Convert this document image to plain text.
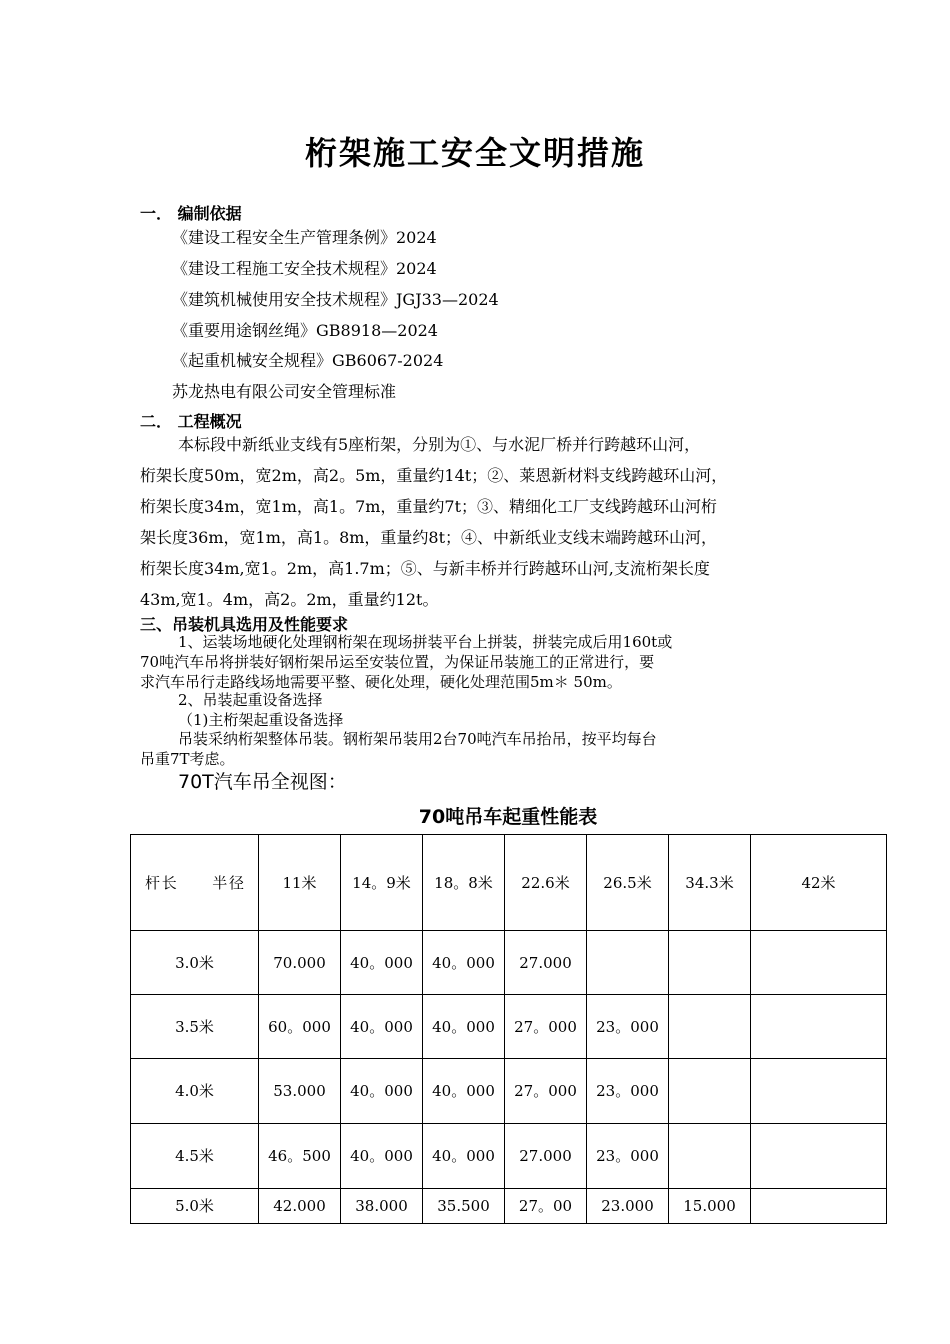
桁架施工安全文明措施
一． 编制依据
《建设工程安全生产管理条例》2024
《建设工程施工安全技术规程》2024
《建筑机械使用安全技术规程》JGJ33—2024
《重要用途钢丝绳》GB8918—2024
《起重机械安全规程》GB6067-2024
苏龙热电有限公司安全管理标准
二． 工程概况
本标段中新纸业支线有5座桁架，分别为①、与水泥厂桥并行跨越环山河，
桁架长度50m，宽2m，高2。5m，重量约14t；②、莱恩新材料支线跨越环山河，
桁架长度34m，宽1m，高1。7m，重量约7t；③、精细化工厂支线跨越环山河桁
架长度36m，宽1m，高1。8m，重量约8t；④、中新纸业支线末端跨越环山河，
桁架长度34m,宽1。2m，高1.7m；⑤、与新丰桥并行跨越环山河,支流桁架长度
43m,宽1。4m，高2。2m，重量约12t。
三、吊装机具选用及性能要求
1、运装场地硬化处理钢桁架在现场拼装平台上拼装，拼装完成后用160t或
70吨汽车吊将拼装好钢桁架吊运至安装位置，为保证吊装施工的正常进行，要
求汽车吊行走路线场地需要平整、硬化处理，硬化处理范围5m＊ 50m。
2、吊装起重设备选择
（1)主桁架起重设备选择
吊装采纳桁架整体吊装。钢桁架吊装用2台70吨汽车吊抬吊，按平均每台
吊重7T考虑。
70T汽车吊全视图：
70吨吊车起重性能表
杆长　　半径	11米	14。9米	18。8米	22.6米	26.5米	34.3米	42米
3.0米	70.000	40。000	40。000	27.000			
3.5米	60。000	40。000	40。000	27。000	23。000		
4.0米	53.000	40。000	40。000	27。000	23。000		
4.5米	46。500	40。000	40。000	27.000	23。000		
5.0米	42.000	38.000	35.500	27。00	23.000	15.000	
